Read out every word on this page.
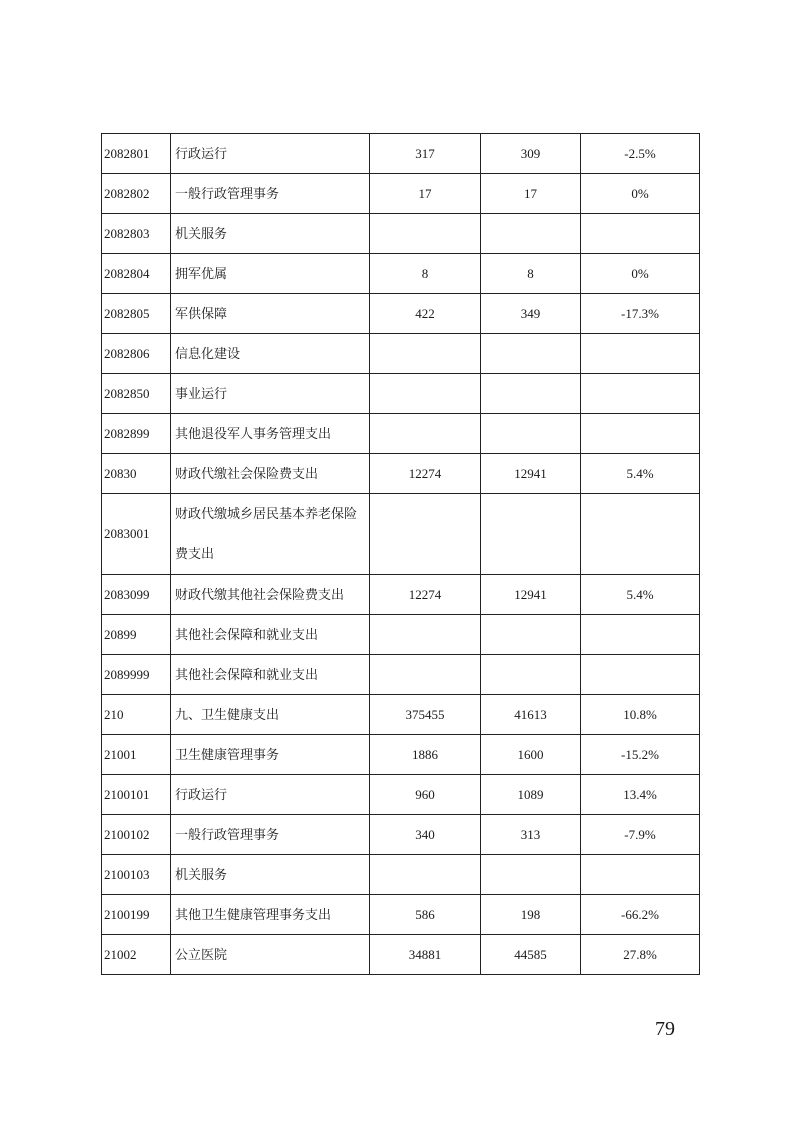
2082801	行政运行	317	309	-2.5%
2082802	一般行政管理事务	17	17	0%
2082803	机关服务			
2082804	拥军优属	8	8	0%
2082805	军供保障	422	349	-17.3%
2082806	信息化建设			
2082850	事业运行			
2082899	其他退役军人事务管理支出			
20830	财政代缴社会保险费支出	12274	12941	5.4%
2083001	财政代缴城乡居民基本养老保险费支出			
2083099	财政代缴其他社会保险费支出	12274	12941	5.4%
20899	其他社会保障和就业支出			
2089999	其他社会保障和就业支出			
210	九、卫生健康支出	375455	41613	10.8%
21001	卫生健康管理事务	1886	1600	-15.2%
2100101	行政运行	960	1089	13.4%
2100102	一般行政管理事务	340	313	-7.9%
2100103	机关服务			
2100199	其他卫生健康管理事务支出	586	198	-66.2%
21002	公立医院	34881	44585	27.8%
79
